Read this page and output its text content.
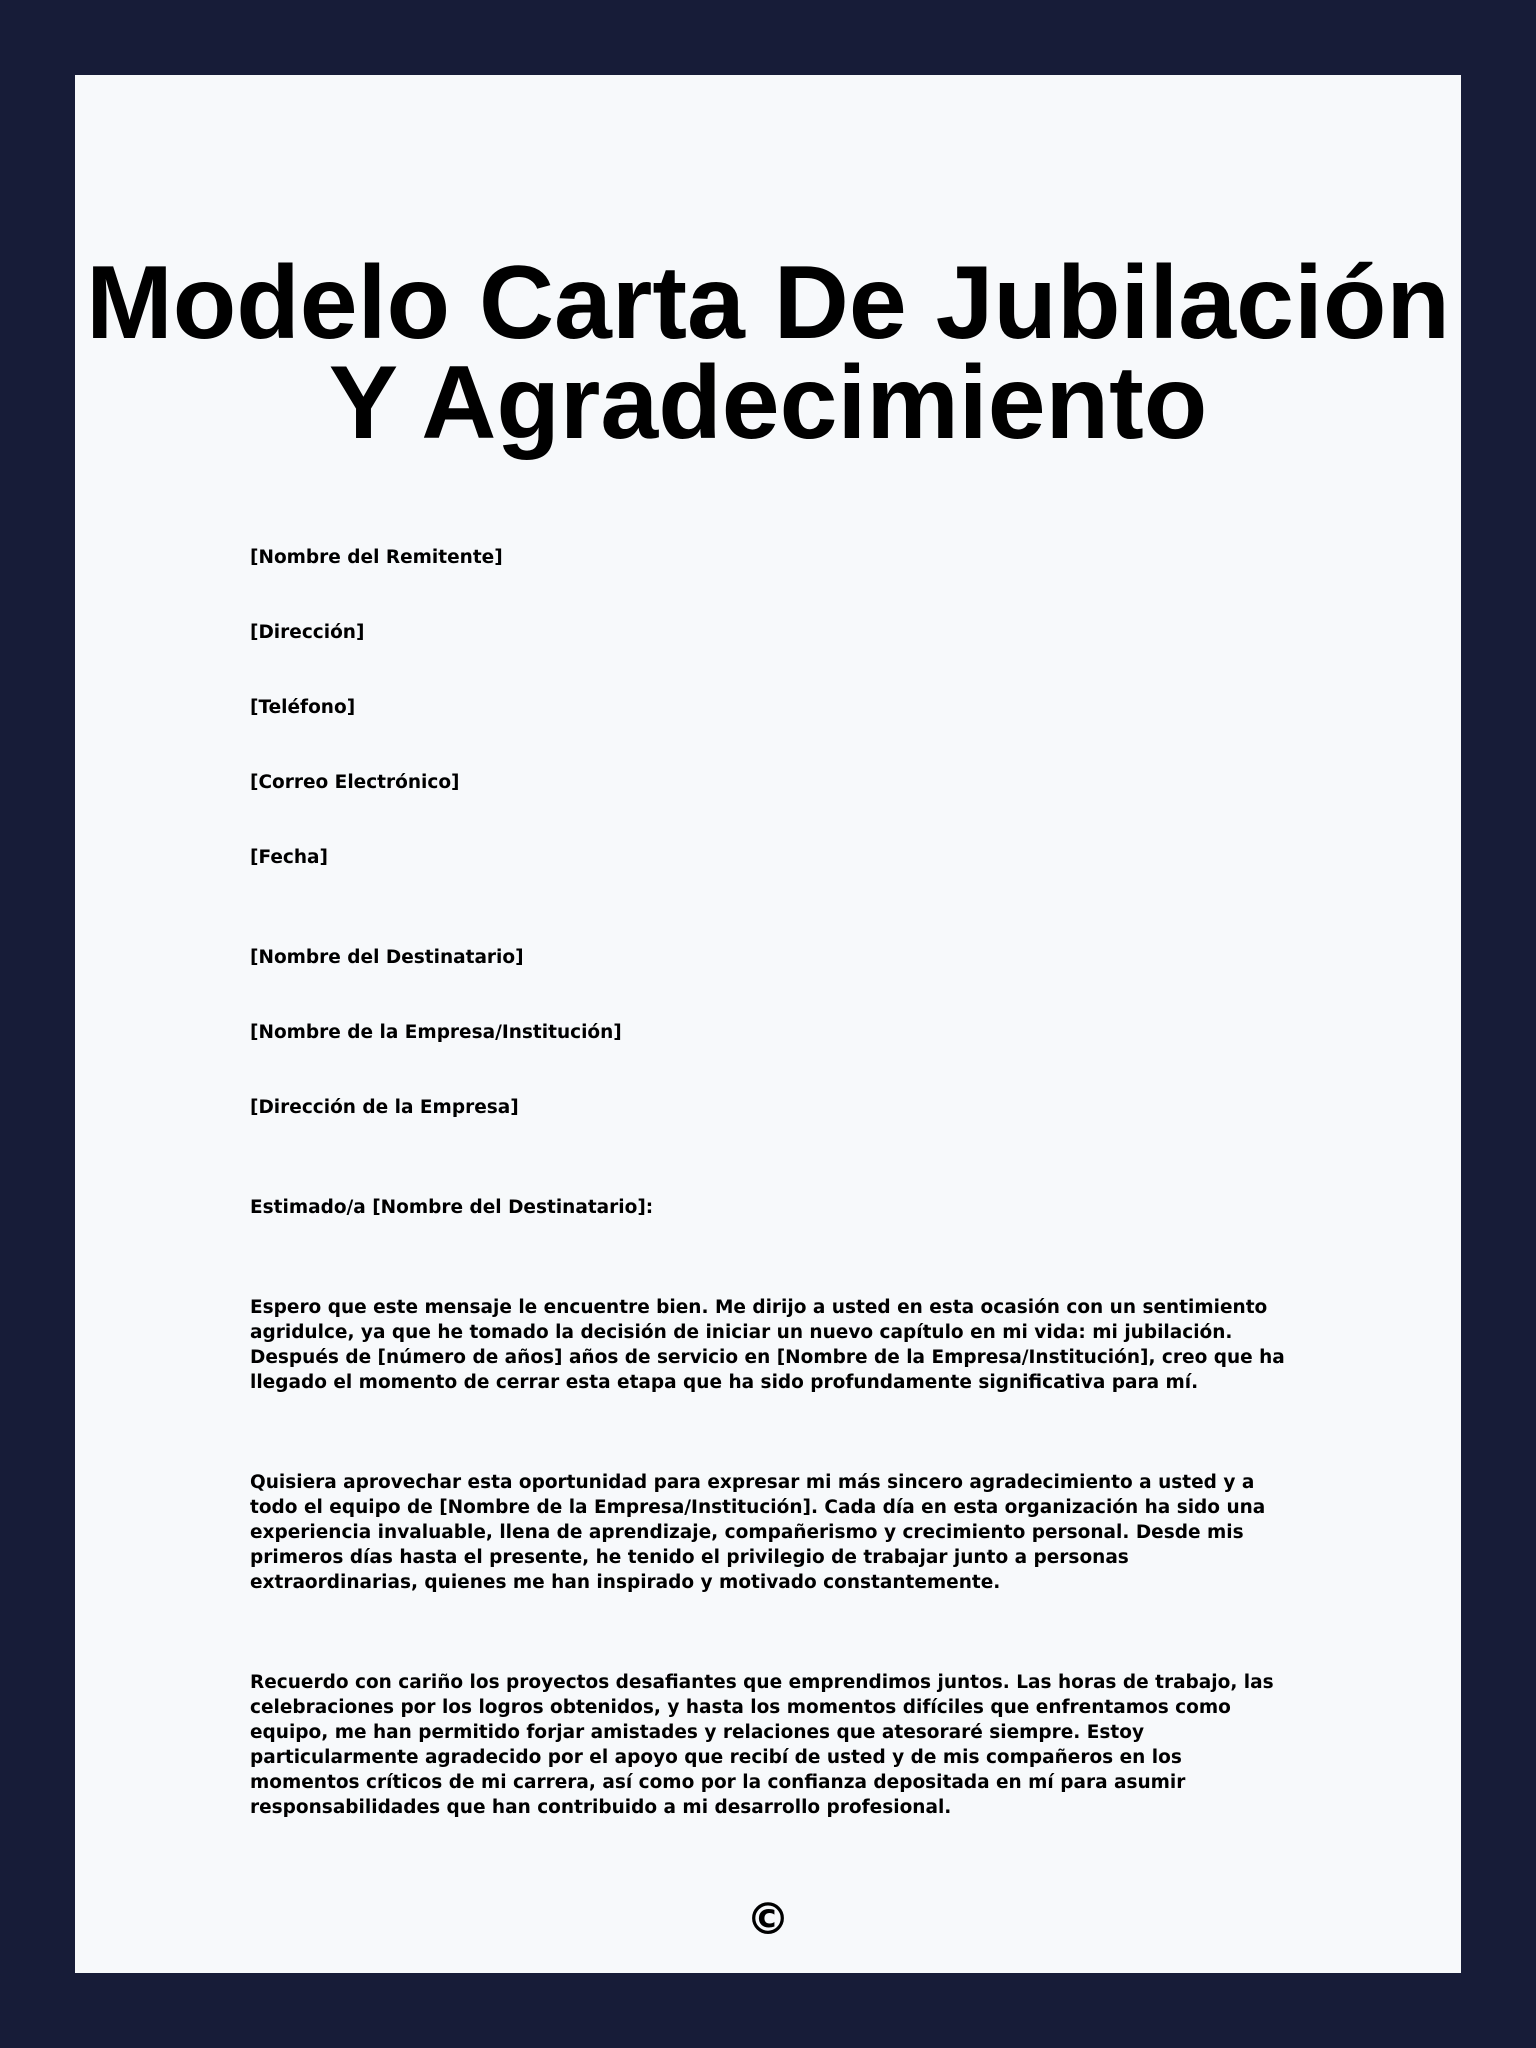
Modelo Carta De Jubilación Y Agradecimiento

[Nombre del Remitente]

[Dirección]

[Teléfono]

[Correo Electrónico]

[Fecha]

[Nombre del Destinatario]

[Nombre de la Empresa/Institución]

[Dirección de la Empresa]

Estimado/a [Nombre del Destinatario]:

Espero que este mensaje le encuentre bien. Me dirijo a usted en esta ocasión con un sentimiento agridulce, ya que he tomado la decisión de iniciar un nuevo capítulo en mi vida: mi jubilación. Después de [número de años] años de servicio en [Nombre de la Empresa/Institución], creo que ha llegado el momento de cerrar esta etapa que ha sido profundamente significativa para mí.

Quisiera aprovechar esta oportunidad para expresar mi más sincero agradecimiento a usted y a todo el equipo de [Nombre de la Empresa/Institución]. Cada día en esta organización ha sido una experiencia invaluable, llena de aprendizaje, compañerismo y crecimiento personal. Desde mis primeros días hasta el presente, he tenido el privilegio de trabajar junto a personas extraordinarias, quienes me han inspirado y motivado constantemente.

Recuerdo con cariño los proyectos desafiantes que emprendimos juntos. Las horas de trabajo, las celebraciones por los logros obtenidos, y hasta los momentos difíciles que enfrentamos como equipo, me han permitido forjar amistades y relaciones que atesoraré siempre. Estoy particularmente agradecido por el apoyo que recibí de usted y de mis compañeros en los momentos críticos de mi carrera, así como por la confianza depositada en mí para asumir responsabilidades que han contribuido a mi desarrollo profesional.

©
